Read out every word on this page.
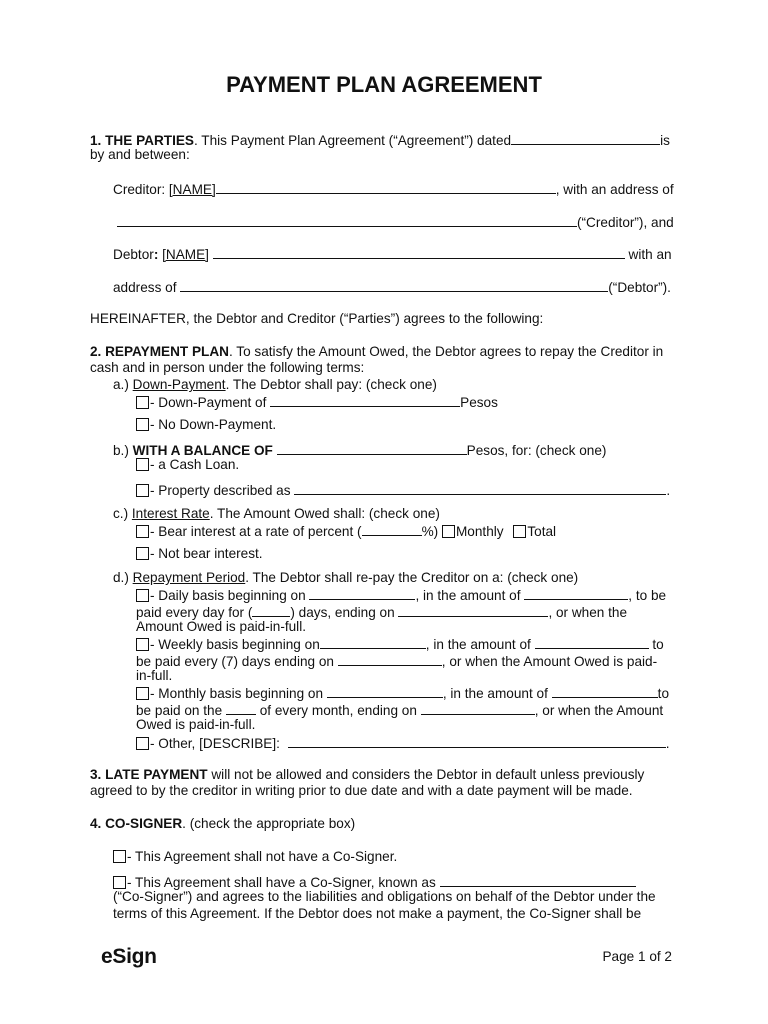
PAYMENT PLAN AGREEMENT
1. THE PARTIES. This Payment Plan Agreement (“Agreement”) dated	is
by and between:
Creditor: [NAME]	, with an address of
(“Creditor”), and
Debtor: [NAME]	with an
address of	(“Debtor”).
HEREINAFTER, the Debtor and Creditor (“Parties”) agrees to the following:
2. REPAYMENT PLAN. To satisfy the Amount Owed, the Debtor agrees to repay the Creditor in
cash and in person under the following terms:
a.) Down-Payment. The Debtor shall pay: (check one)
- Down-Payment of	Pesos
- No Down-Payment.
b.) WITH A BALANCE OF	Pesos, for: (check one)
- a Cash Loan.
- Property described as	.
c.) Interest Rate. The Amount Owed shall: (check one)
- Bear interest at a rate of percent (	%) Monthly Total
- Not bear interest.
d.) Repayment Period. The Debtor shall re-pay the Creditor on a: (check one)
- Daily basis beginning on	, in the amount of	, to be
paid every day for (	) days, ending on	, or when the
Amount Owed is paid-in-full.
- Weekly basis beginning on	, in the amount of	to
be paid every (7) days ending on	, or when the Amount Owed is paid-
in-full.
- Monthly basis beginning on	, in the amount of	to
be paid on the	of every month, ending on	, or when the Amount
Owed is paid-in-full.
- Other, [DESCRIBE]:	.
3. LATE PAYMENT will not be allowed and considers the Debtor in default unless previously
agreed to by the creditor in writing prior to due date and with a date payment will be made.
4. CO-SIGNER. (check the appropriate box)
- This Agreement shall not have a Co-Signer.
- This Agreement shall have a Co-Signer, known as
(“Co-Signer”) and agrees to the liabilities and obligations on behalf of the Debtor under the
terms of this Agreement. If the Debtor does not make a payment, the Co-Signer shall be
eSign	Page 1 of 2
